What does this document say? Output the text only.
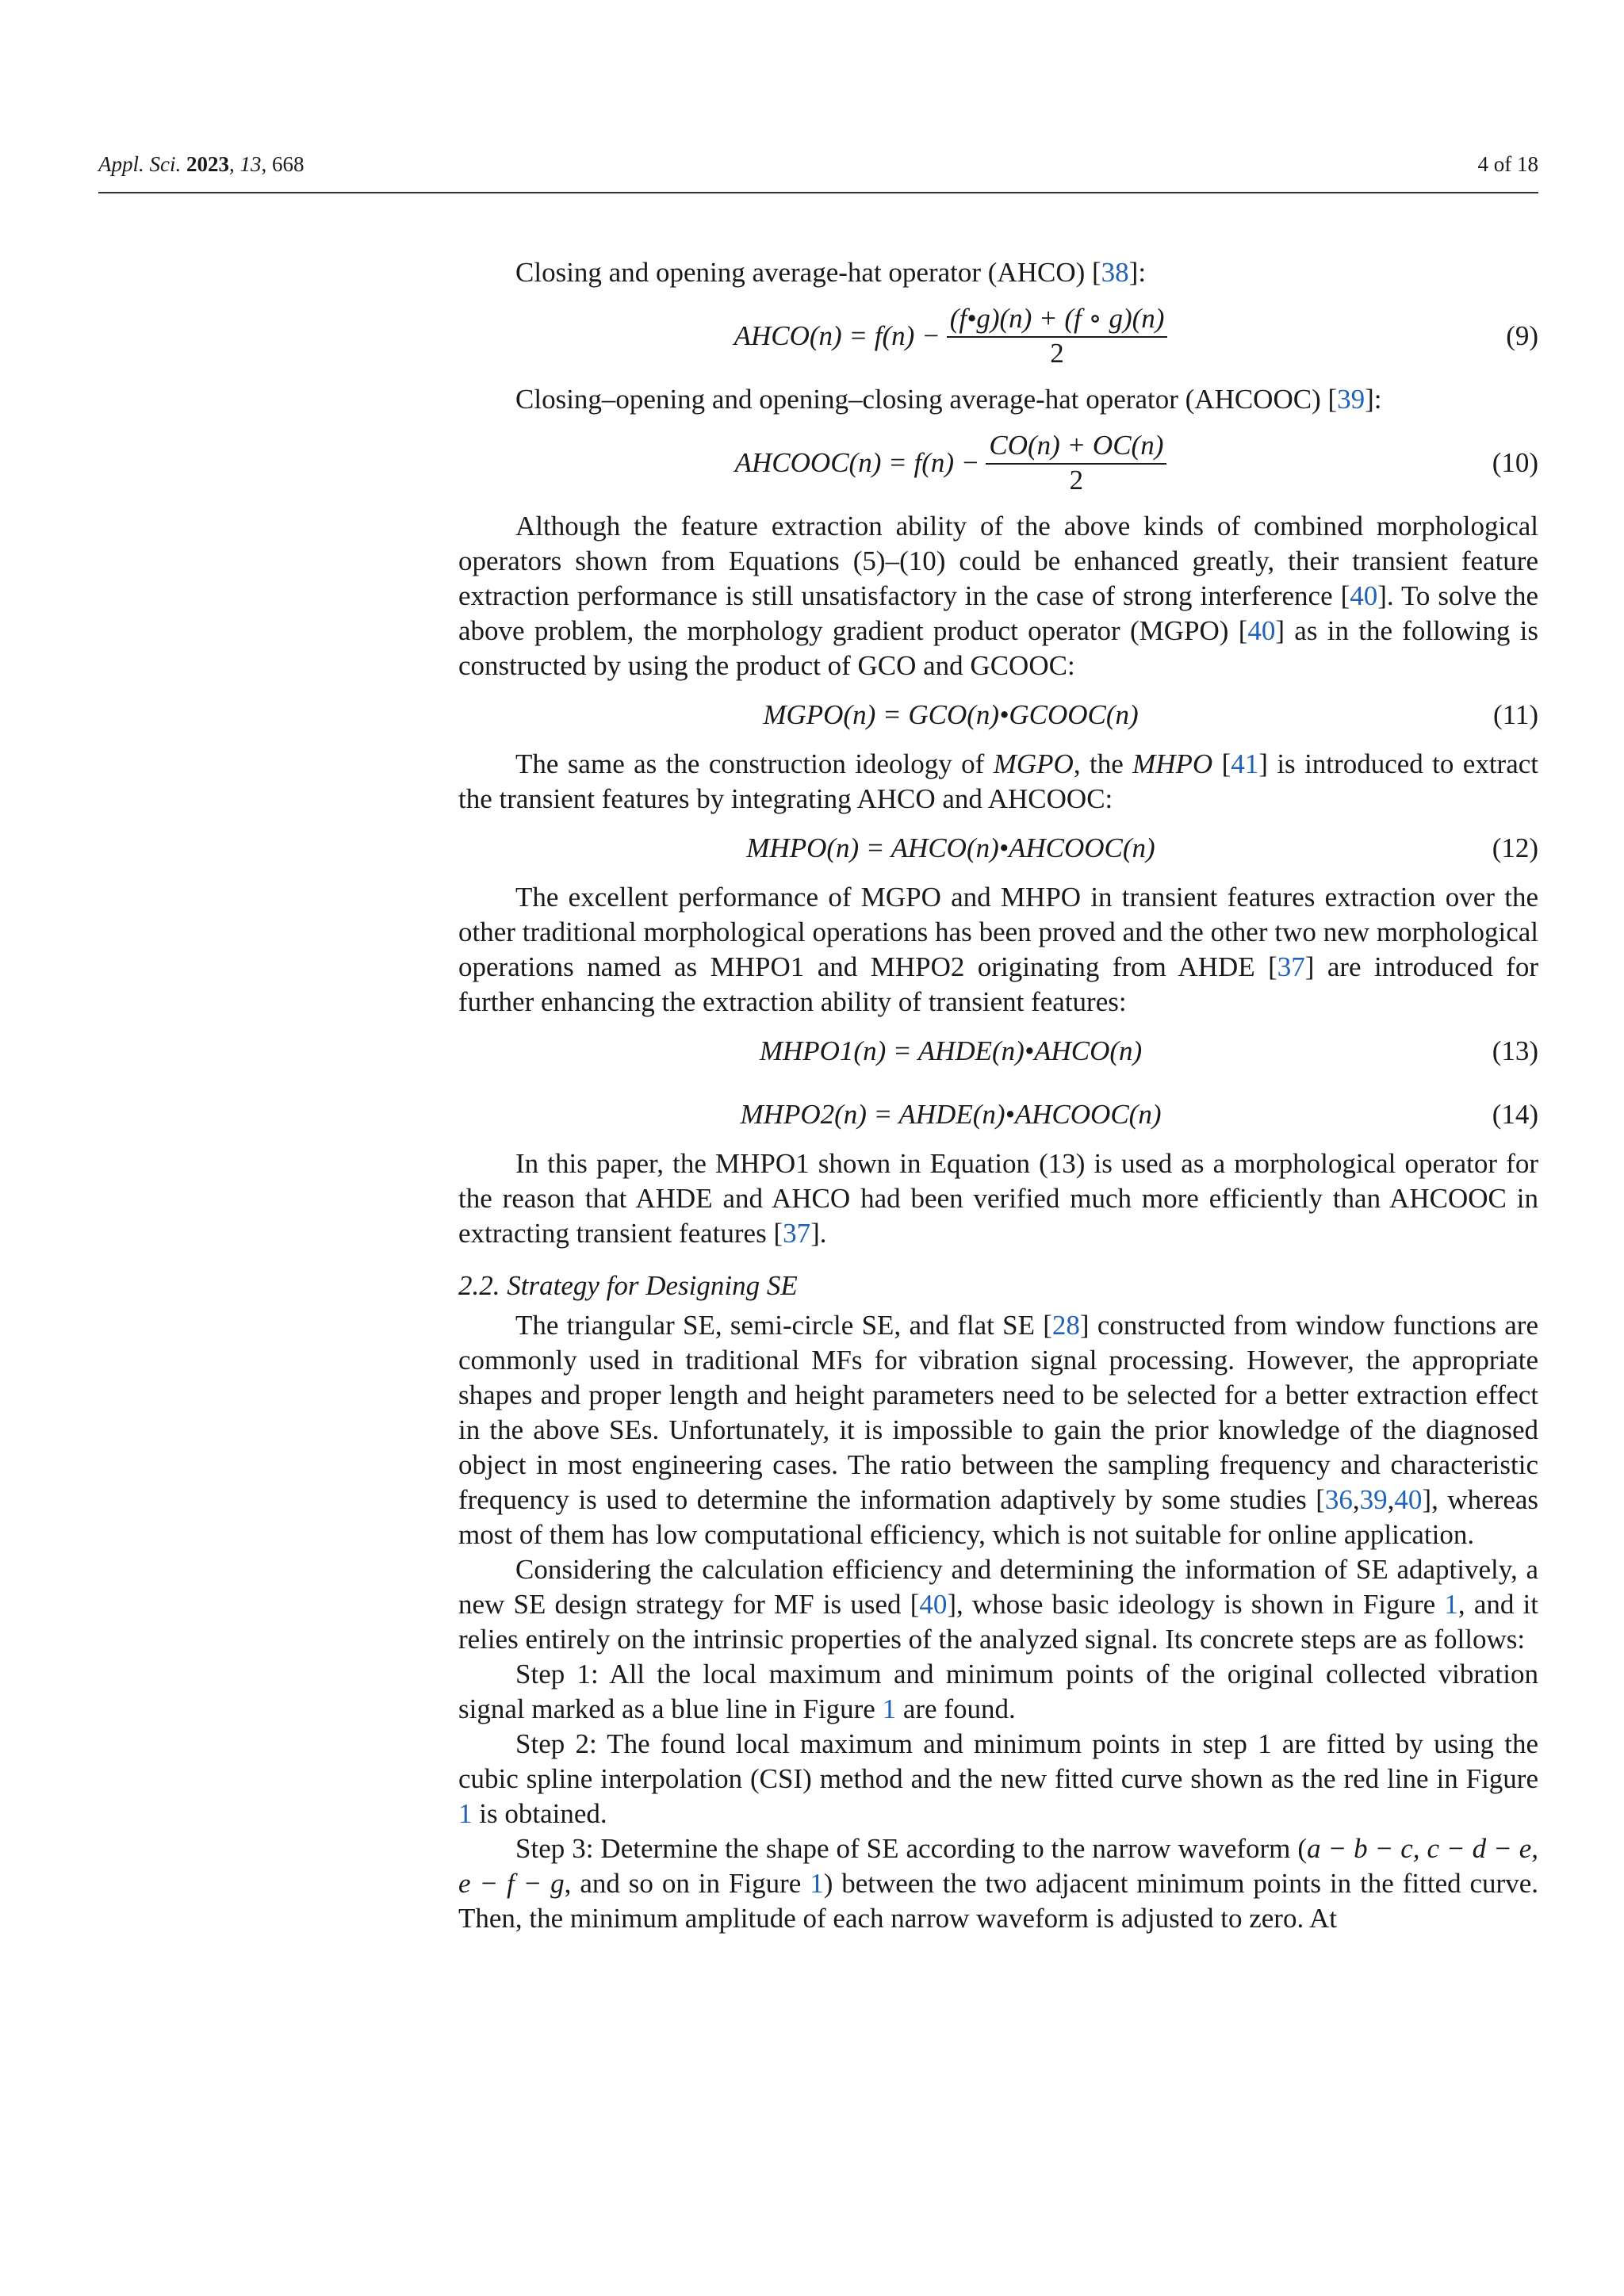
Appl. Sci. 2023, 13, 668	4 of 18

Closing and opening average-hat operator (AHCO) [38]:

AHCO(n) = $f(n) - \frac{(f•g)(n) + (f \circ g)(n)}{2}$	(9)

Closing–opening and opening–closing average-hat operator (AHCOOC) [39]:

AHCOOC(n) = $f(n) - \frac{CO(n) + OC(n)}{2}$	(10)

Although the feature extraction ability of the above kinds of combined morphological operators shown from Equations (5)–(10) could be enhanced greatly, their transient feature extraction performance is still unsatisfactory in the case of strong interference [40]. To solve the above problem, the morphology gradient product operator (MGPO) [40] as in the following is constructed by using the product of GCO and GCOOC:

MGPO(n) = GCO(n)•GCOOC(n)	(11)

The same as the construction ideology of MGPO, the MHPO [41] is introduced to extract the transient features by integrating AHCO and AHCOOC:

MHPO(n) = AHCO(n)•AHCOOC(n)	(12)

The excellent performance of MGPO and MHPO in transient features extraction over the other traditional morphological operations has been proved and the other two new morphological operations named as MHPO1 and MHPO2 originating from AHDE [37] are introduced for further enhancing the extraction ability of transient features:

MHPO1(n) = AHDE(n)•AHCO(n)	(13)
MHPO2(n) = AHDE(n)•AHCOOC(n)	(14)

In this paper, the MHPO1 shown in Equation (13) is used as a morphological operator for the reason that AHDE and AHCO had been verified much more efficiently than AHCOOC in extracting transient features [37].

2.2. Strategy for Designing SE

The triangular SE, semi-circle SE, and flat SE [28] constructed from window functions are commonly used in traditional MFs for vibration signal processing. However, the appropriate shapes and proper length and height parameters need to be selected for a better extraction effect in the above SEs. Unfortunately, it is impossible to gain the prior knowledge of the diagnosed object in most engineering cases. The ratio between the sampling frequency and characteristic frequency is used to determine the information adaptively by some studies [36,39,40], whereas most of them has low computational efficiency, which is not suitable for online application.

Considering the calculation efficiency and determining the information of SE adaptively, a new SE design strategy for MF is used [40], whose basic ideology is shown in Figure 1, and it relies entirely on the intrinsic properties of the analyzed signal. Its concrete steps are as follows:

Step 1: All the local maximum and minimum points of the original collected vibration signal marked as a blue line in Figure 1 are found.

Step 2: The found local maximum and minimum points in step 1 are fitted by using the cubic spline interpolation (CSI) method and the new fitted curve shown as the red line in Figure 1 is obtained.

Step 3: Determine the shape of SE according to the narrow waveform (a − b − c, c − d − e, e − f − g, and so on in Figure 1) between the two adjacent minimum points in the fitted curve. Then, the minimum amplitude of each narrow waveform is adjusted to zero. At
